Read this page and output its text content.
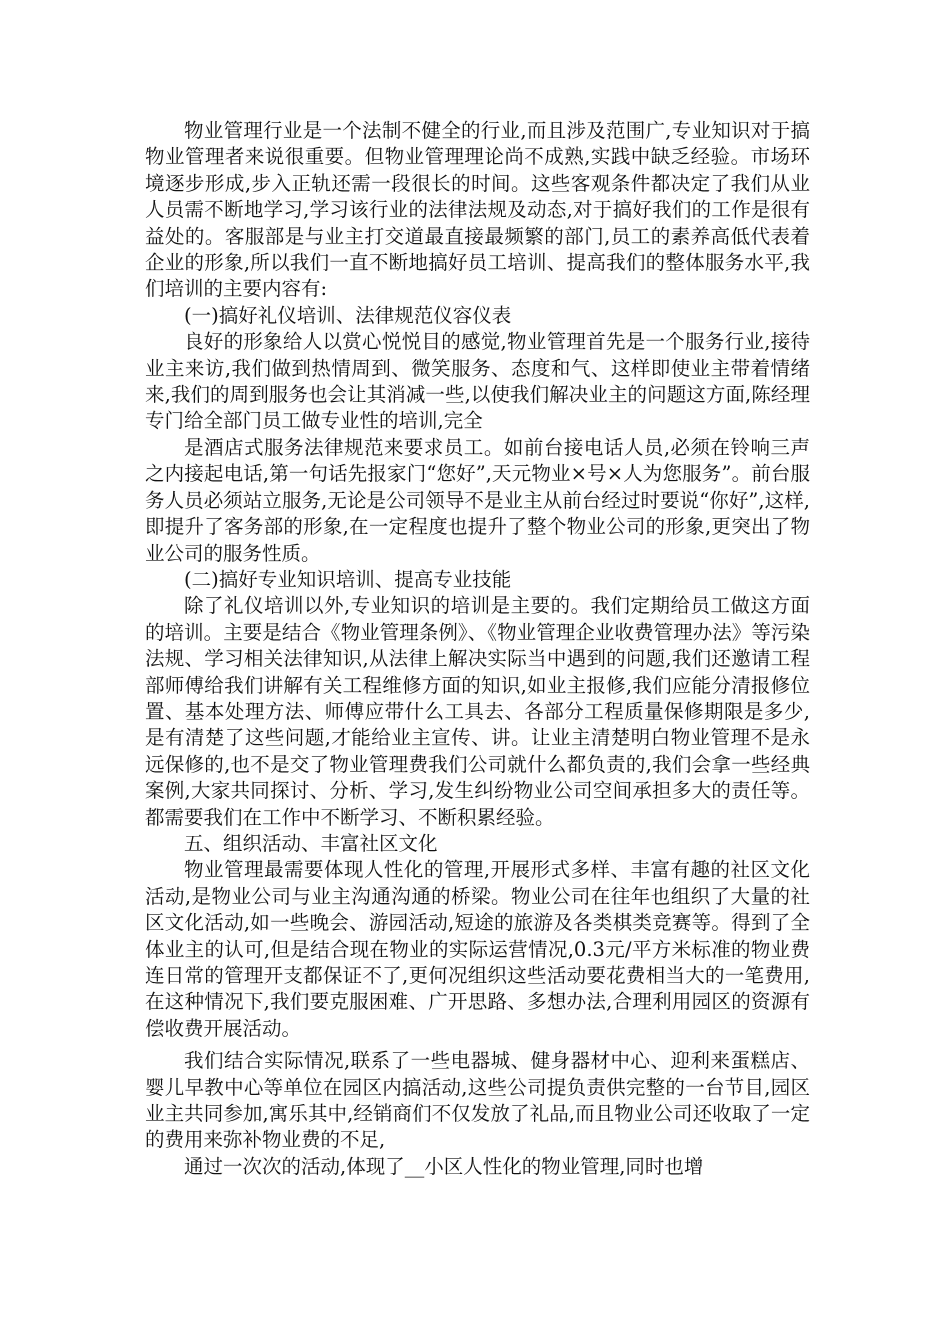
物业管理行业是一个法制不健全的行业,而且涉及范围广,专业知识对于搞物业管理者来说很重要。但物业管理理论尚不成熟,实践中缺乏经验。市场环境逐步形成,步入正轨还需一段很长的时间。这些客观条件都决定了我们从业人员需不断地学习,学习该行业的法律法规及动态,对于搞好我们的工作是很有益处的。客服部是与业主打交道最直接最频繁的部门,员工的素养高低代表着企业的形象,所以我们一直不断地搞好员工培训、提高我们的整体服务水平,我们培训的主要内容有:

(一)搞好礼仪培训、法律规范仪容仪表

良好的形象给人以赏心悦悦目的感觉,物业管理首先是一个服务行业,接待业主来访,我们做到热情周到、微笑服务、态度和气、这样即使业主带着情绪来,我们的周到服务也会让其消减一些,以使我们解决业主的问题这方面,陈经理专门给全部门员工做专业性的培训,完全

是酒店式服务法律规范来要求员工。如前台接电话人员,必须在铃响三声之内接起电话,第一句话先报家门“您好”,天元物业×号×人为您服务”。前台服务人员必须站立服务,无论是公司领导不是业主从前台经过时要说“你好”,这样,即提升了客务部的形象,在一定程度也提升了整个物业公司的形象,更突出了物业公司的服务性质。

(二)搞好专业知识培训、提高专业技能

除了礼仪培训以外,专业知识的培训是主要的。我们定期给员工做这方面的培训。主要是结合《物业管理条例》、《物业管理企业收费管理办法》等污染法规、学习相关法律知识,从法律上解决实际当中遇到的问题,我们还邀请工程部师傅给我们讲解有关工程维修方面的知识,如业主报修,我们应能分清报修位置、基本处理方法、师傅应带什么工具去、各部分工程质量保修期限是多少,是有清楚了这些问题,才能给业主宣传、讲。让业主清楚明白物业管理不是永远保修的,也不是交了物业管理费我们公司就什么都负责的,我们会拿一些经典案例,大家共同探讨、分析、学习,发生纠纷物业公司空间承担多大的责任等。都需要我们在工作中不断学习、不断积累经验。

五、组织活动、丰富社区文化

物业管理最需要体现人性化的管理,开展形式多样、丰富有趣的社区文化活动,是物业公司与业主沟通沟通的桥梁。物业公司在往年也组织了大量的社区文化活动,如一些晚会、游园活动,短途的旅游及各类棋类竞赛等。得到了全体业主的认可,但是结合现在物业的实际运营情况,0.3元/平方米标准的物业费连日常的管理开支都保证不了,更何况组织这些活动要花费相当大的一笔费用,在这种情况下,我们要克服困难、广开思路、多想办法,合理利用园区的资源有偿收费开展活动。

我们结合实际情况,联系了一些电器城、健身器材中心、迎利来蛋糕店、婴儿早教中心等单位在园区内搞活动,这些公司提负责供完整的一台节目,园区业主共同参加,寓乐其中,经销商们不仅发放了礼品,而且物业公司还收取了一定的费用来弥补物业费的不足,

通过一次次的活动,体现了__小区人性化的物业管理,同时也增
